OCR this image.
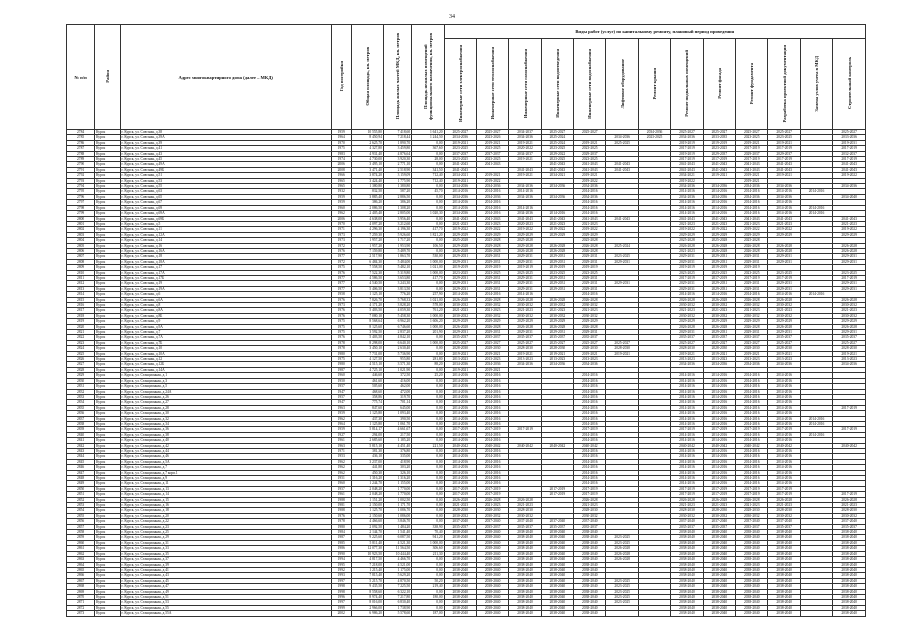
34
№ п/п	Район	Адрес многоквартирного дома (далее – МКД)	Год постройки	Общая площадь, кв. метров	Площадь жилых частей МКД, кв. метров	Площадь нежилых помещений функционального назначения, кв. метров	Виды работ (услуг) по капитальному ремонту, плановый период проведения												
							Инженерные сети электроснабжения	Инженерные сети теплоснабжения	Инженерные сети газоснабжения	Инженерные сети водоотведения	Инженерные сети водоснабжения	Лифтовое оборудование	Ремонт крыши	Ремонт подвальных помещений	Ремонт фасада	Ремонт фундамента	Разработка проектной документации	Замена узлов учета в МКД	Строительный контроль
2784	Курск	г. Курск, ул. Союзная, д.38	1959	10 555,80	7 418,60	1 641,20	2025-2027	2025-2027	2034-2037	2025-2027	2025-2027		2034-2036	2025-2027	2025-2027	2025-2027	2025-2027		2025-2027
2785	Курск	г. Курск, ул. Союзная, д.39А	1964	8 450,94	7 218,44	1 244,50	2034-2036	2023-2026	2034-2036	2025-2024		2034-2036	2023-2025	2034-2036	2033-2035	2023-2025	2023-2025		2033-2036
2786	Курск	г. Курск, ул. Союзная, д.39	1970	2 625,70	1 890,70	0,00	2019-2021	2019-2021	2019-2021	2025-2024	2019-2021	2025-2025		2019-2019	2019-2019	2019-2021	2019-2021		2019-2031
2787	Курск	г. Курск, ул. Союзная, д.41	1975	4 327,80	3 459,80	367,60	2023-2025	2023-2025	2020-2022	2023-2025	2023-2025			2017-2019	2023-2025	2017-2019	2017-2019		2017-2019
2788	Курск	г. Курск, ул. Союзная, д.43	1983	4 931,40	4 876,64	0,00	2037-2037	2037-2037	2034-2037	2029-2022	2029-2037			2019-2019	2029-2037	2029-2037	2029-2037		2032-2037
2789	Курск	г. Курск, ул. Союзная, д.45	1974	4 730,00	3 920,30	28,00	2023-2025	2023-2025	2019-2021	2023-2025	2023-2025			2017-2019	2017-2019	2017-2019	2017-2019		2017-2019
2790	Курск	г. Курск, ул. Союзная, д.49А	2006	3 495,10	2 771,10	0,00	2041-2043	2041-2043		2041-2043	2041-2043	2041-2043		2041-2043	2041-2043	2041-2043	2041-2043		2041-2043
2791	Курск	г. Курск, ул. Союзная, д.49Б	2008	3 471,40	2 518,90	341,50	2041-2043		2041-2043	2041-2043	2041-2043	2041-2043		2041-2043	2041-2043	2041-2043	2041-2043		2041-2043
2792	Курск	г. Курск, ул. Союзная, д.51	1966	3 874,20	3 159,09	712,40	2034-2021	2019-2021	2019-2021	2034-2021	2019-2021			2034-2021	2019-2021	2019-2021	2019-2021		2019-2022
2793	Курск	г. Курск, ул. Союзная, д.53	1965	3 424,40	1 775,90	712,40	2019-2021	2019-2022			2019-2022			2019-2022		2019-2021			
2794	Курск	г. Курск, ул. Союзная, д.55	1965	1 380,80	1 380,80	0,00	2034-2036	2034-2036	2034-2036	2034-2036	2034-2036			2034-2036	2034-2036	2034-2036	2034-2036		2034-2036
2795	Курск	г. Курск, ул. Союзная, д.63	1932	832,50	587,20	45,70	2014-2016	2014-2016	2014-2016		2014-2016			2014-2016	2014-2016	2014-2016	2014-2016	2014-2016	
2796	Курск	г. Курск, ул. Союзная, д.65	1959	3 885,40	2 886,50	0,00	2034-2036	2034-2036	2034-2036	2034-2036	2034-2036			2034-2036	2034-2036	2034-2036	2034-2036		2034-2040
2797	Курск	г. Курск, ул. Союзная, д.67	1959	386,20	386,20	0,00	2014-2016	2014-2016			2014-2016			2014-2016	2014-2016	2014-2016	2014-2016		
2798	Курск	г. Курск, ул. Союзная, д.69	1960	2 086,50	1 308,20	0,00	2014-2016	2014-2016	2014-2016		2014-2016			2014-2016	2014-2016	2014-2016	2014-2016	2014-2016	
2799	Курск	г. Курск, ул. Союзная, д.69А	1962	2 405,40	2 805,00	1 020,30	2034-2036	2014-2016	2034-2036	2014-2016	2014-2016			2014-2016	2014-2016	2014-2016	2014-2016	2014-2016	
2800	Курск	г. Курск, ул. Союзная, д.69Б	2006	4 638,00	3 956,40	0,00	2041-2043	2041-2043	2041-2043	2041-2043	2041-2043	2041-2043		2041-2043	2041-2043	2041-2043	2041-2043		2041-2043
2801	Курск	г. Курск, ул. Союзная, д.5	1970	4 097,20	3 212,60	0,00	2021-2023	2021-2023	2020-2023	2021-2023	2021-2023			2021-2023	2021-2023	2021-2023	2021-2023		2021-2023
2802	Курск	г. Курск, ул. Союзная, д.11	1971	4 296,30	4 196,30	417,70	2019-2022	2019-2022	2019-2022	2019-2022	2019-2022			2019-2022	2019-2022	2019-2022	2019-2022		2019-2022
2803	Курск	г. Курск, ул. Союзная, д.12А	1973	7 259,30	5 926,60	1 821,20	2029-2029	2029-2029	2029-2029	2029-2029	2029-2029			2029-2029	2029-2029	2029-2029	2029-2029		2029-2029
2804	Курск	г. Курск, ул. Союзная, д.14	1973	1 957,20	1 717,20	0,00	2025-2028	2025-2028	2025-2028		2025-2028			2025-2028	2025-2028	2025-2028			
2805	Курск	г. Курск, ул. Союзная, д.16	1972	1 957,20	1 953,90	106,50	2029-2028	2029-2028	2029-2028	2026-2028	2026-2028	2025-2024		2026-2028	2026-2028	2026-2028	2026-2028		2026-2028
2806	Курск	г. Курск, ул. Союзная, д.16А	1976	7 159,80	5 489,70	0,00	2026-2028	2026-2028	2026-2028	2026-2028	2026-2028			2021-2023	2026-2028	2026-2028	2026-2028		2026-2028
2807	Курск	г. Курск, ул. Союзная, д.18	1977	2 517,90	1 863,70	530,00	2029-2031	2029-2031	2029-2031	2029-2031	2029-2031	2023-2025		2029-2031	2029-2031	2029-2031	2029-2031		2029-2031
2808	Курск	г. Курск, ул. Союзная, д.18А	1972	6 484,30	5 484,00	1 000,00	2029-2031	2029-2031	2029-2031	2029-2031	2029-2031	2029-2031		2029-2031	2029-2031	2029-2031	2029-2031		2029-2031
2809	Курск	г. Курск, ул. Союзная, д.17	1975	7 558,50	5 482,10	1 021,00	2019-2019	2019-2019	2019-2019	2019-2019	2019-2019			2019-2019	2019-2019	2019-2019			
2810	Курск	г. Курск, ул. Союзная, д.17А	1976	7 522,30	5 319,80	1 000,00	2023-2025	2023-2025	2023-2025	2023-2025	2023-2025			2023-2025	2023-2025	2023-2025	2023-2025		2023-2025
2811	Курск	г. Курск, ул. Союзная, д.17Б	1977	4 586,50	3 653,80	417,70	2029-2031	2029-2031	2029-2031	2029-2031	2029-2031			2017-2019	2017-2019	2017-2019	2017-2019		2017-2019
2812	Курск	г. Курск, ул. Союзная, д.19	1977	4 540,50	3 243,30	0,00	2029-2031	2029-2031	2029-2031	2029-2031	2029-2031	2029-2031		2029-2031	2029-2031	2029-2031	2029-2031		2029-2031
2813	Курск	г. Курск, ул. Союзная, д.19А	1977	5 406,50	3 813,50	0,00	2029-2031	2029-2031	2029-2031	2029-2031	2029-2031			2029-2031	2029-2031	2029-2031	2029-2031		2029-2031
2814	Курск	г. Курск, ул. Союзная, д.6	1958	1 125,10	776,20	257,90	2014-2016	2014-2016	2014-2016		2014-2016			2014-2016	2014-2016	2014-2016	2014-2016	2014-2016	
2815	Курск	г. Курск, ул. Союзная, д.6А	1976	7 826,70	5 768,33	1 021,00	2026-2028	2026-2028	2026-2028	2026-2028	2026-2028			2026-2028	2026-2028	2026-2028	2026-2028		2026-2028
2816	Курск	г. Курск, ул. Союзная, д.8	1973	4 171,20	3 828,20	578,00	2030-2032	2030-2032	2030-2032	2030-2032	2030-2032			2030-2032	2030-2032	2030-2032	2030-2032		2030-2032
2817	Курск	г. Курск, ул. Союзная, д.8А	1976	5 403,50	4 059,30	761,20	2021-2023	2021-2023	2021-2023	2021-2023	2021-2023			2021-2023	2021-2023	2021-2023	2021-2023		2021-2023
2818	Курск	г. Курск, ул. Союзная, д.8Б	1976	7 080,10	5 458,30	1 000,00	2030-2032	2030-2032	2030-2032	2030-2032	2030-2032			2030-2032	2030-2032	2030-2032	2030-2032		2030-2032
2819	Курск	г. Курск, ул. Союзная, д.9	1975	8 568,64	6 962,20	1 606,20	2029-2029	2029-2029	2029-2029	2029-2029	2029-2029			2029-2029	2029-2029	2029-2029	2029-2029		2029-2029
2820	Курск	г. Курск, ул. Союзная, д.9А	1975	8 125,60	6 746,60	1 000,00	2026-2028	2026-2028	2026-2028	2026-2028	2026-2028			2026-2028	2026-2028	2026-2028	2026-2028		2026-2028
2821	Курск	г. Курск, ул. Союзная, д.7	1975	3 592,50	2 837,20	201,90	2029-2031	2029-2031	2029-2031	2029-2031	2029-2031			2029-2031	2029-2031	2029-2031	2029-2031		2029-2031
2822	Курск	г. Курск, ул. Союзная, д.7А	1976	5 403,50	4 842,10	0,00	2035-2037	2035-2037	2035-2037	2035-2037	2035-2037			2035-2037	2035-2037	2035-2037	2035-2037		2035-2037
2823	Курск	г. Курск, ул. Союзная, д.7Б	1978	8 298,00	6 640,10	1 000,00	2025-2027	2025-2027	2025-2027	2025-2027	2025-2027	2025-2027		2025-2027	2025-2027	2025-2027	2025-2027		2025-2027
2824	Курск	г. Курск, ул. Союзная, д.10	1978	3 450,10	2 630,40	0,00	2028-2030	2028-2030	2028-2030	2028-2030	2028-2030	2028-2030		2028-2030	2028-2030	2028-2030	2028-2030		2028-2030
2825	Курск	г. Курск, ул. Союзная, д.10А	1980	7 731,00	5 736,90	0,00	2019-2021	2019-2021	2019-2021	2019-2021	2019-2021	2019-2021		2019-2021	2019-2021	2019-2021	2019-2021		2019-2021
2826	Курск	г. Курск, ул. Союзная, д.12	1975	4 127,50	955,80	281,80	2013-2023	2013-2023	2013-2023	2013-2023	2013-2023			2013-2023	2013-2023	2013-2023	2013-2023		2013-2023
2827	Курск	г. Курск, ул. Союзная, д.12Б	1980	4 515,10	3 571,30	88,20	2034-2036	2034-2036	2034-2036	2034-2036	2034-2036			2034-2036	2034-2036	2034-2036	2034-2036		2034-2036
2828	Курск	г. Курск, ул. Союзная, д.14А	1987	4 725,10	1 021,90	0,00	2019-2021	2019-2021											
2829	Курск	г. Курск, ул. Станционная, д.1	1960	446,60	372,50	25,20	2014-2016	2014-2016			2014-2016			2014-2016	2014-2016	2014-2016	2014-2016		
2830	Курск	г. Курск, ул. Станционная, д.3	1950	461,60	416,00	0,00	2014-2016	2014-2016			2014-2016			2014-2016	2014-2016	2014-2016	2014-2016		
2831	Курск	г. Курск, ул. Станционная, д.5	1957	505,60	462,00	0,00	2014-2016	2014-2016			2014-2016			2014-2016	2014-2016	2014-2016	2014-2016		
2832	Курск	г. Курск, ул. Станционная, д.24А	1947	468,60	472,00	0,00	2014-2016	2014-2016			2014-2016			2014-2016	2014-2016	2014-2016	2014-2016		
2833	Курск	г. Курск, ул. Станционная, д.26	1957	358,86	319,70	0,00	2014-2016	2014-2016			2014-2016			2014-2016	2014-2016	2014-2016	2014-2016		
2834	Курск	г. Курск, ул. Станционная, д.27	1947	775,74	701,14	0,00	2014-2016	2014-2016			2014-2016			2014-2016	2014-2016	2014-2016	2014-2016		
2835	Курск	г. Курск, ул. Станционная, д.28	1963	847,60	645,00	0,00	2014-2016	2014-2016			2014-2016			2014-2016	2014-2016	2014-2016	2014-2016		2017-2019
2836	Курск	г. Курск, ул. Станционная, д.30	1959	1 125,80	1 093,40	0,00	2014-2016	2014-2016			2014-2016			2014-2016	2014-2016	2014-2016	2014-2016		
2837	Курск	г. Курск, ул. Станционная, д.32	1962	437,30	390,50	0,00	2014-2016	2014-2016			2014-2016			2014-2016	2014-2016	2014-2016	2014-2016	2014-2016	
2838	Курск	г. Курск, ул. Станционная, д.34	1964	1 125,80	1 061,70	0,00	2014-2016	2014-2016			2014-2016			2014-2016	2014-2016	2014-2016	2014-2016	2014-2016	
2839	Курск	г. Курск, ул. Станционная, д.36	1959	5 814,17	4 661,67	0,00	2017-2019	2017-2019	2017-2019		2017-2019			2017-2019	2017-2019	2017-2019	2017-2019		2017-2019
2840	Курск	г. Курск, ул. Станционная, д.38	1927	294,00	217,50	0,00	2014-2016	2014-2016			2014-2016			2014-2016	2014-2016	2014-2016	2014-2016	2014-2016	
2841	Курск	г. Курск, ул. Станционная, д.40	1961	2 685,60	1 185,20	0,00	2014-2016	2014-2016			2014-2016			2014-2016	2014-2016	2014-2016	2014-2016		
2842	Курск	г. Курск, ул. Станционная, д.42	1963	5 815,10	4 451,40	221,50	2040-2042	2040-2042	2040-2042	2040-2042	2040-2042			2040-2042	2040-2042	2040-2042	2040-2042		2040-2042
2843	Курск	г. Курск, ул. Станционная, д.44	1971	381,30	376,80	0,00	2014-2016	2014-2016			2014-2016			2014-2016	2014-2016	2014-2016	2014-2016		
2844	Курск	г. Курск, ул. Станционная, д.46	1953	436,10	335,00	0,00	2014-2016	2014-2016			2014-2016			2014-2016	2014-2016	2014-2016	2014-2016		
2845	Курск	г. Курск, ул. Станционная, д.5А	1962	3 237,00	418,90	0,00	2014-2016	2014-2016			2014-2016			2014-2016	2014-2016	2014-2016	2014-2016		
2846	Курск	г. Курск, ул. Станционная, д.7	1962	441,80	303,20	0,00	2014-2016	2014-2016			2014-2016			2014-2016	2014-2016	2014-2016	2014-2016		
2847	Курск	г. Курск, ул. Станционная, д.7 корп.1	1962	450,30	326,10	0,00	2014-2016	2014-2016			2014-2016			2014-2016	2014-2016	2014-2016	2014-2016		
2848	Курск	г. Курск, ул. Станционная, д.9	1951	1 316,20	1 316,20	0,00	2014-2016	2014-2016			2014-2016			2014-2016	2014-2016	2014-2016	2014-2016		
2849	Курск	г. Курск, ул. Станционная, д.11	1960	1 244,70	1 155,00	0,00	2014-2016	2014-2016			2014-2016			2014-2016	2014-2016	2014-2016	2014-2016		
2850	Курск	г. Курск, ул. Станционная, д.13	1957	2 048,20	1 770,00	0,00	2017-2019	2017-2019		2017-2019	2017-2019			2017-2019	2017-2019	2017-2019	2017-2019		
2851	Курск	г. Курск, ул. Станционная, д.14	1961	2 048,20	1 770,00	0,00	2017-2019	2017-2019		2017-2019	2017-2019			2017-2019	2017-2019	2017-2019	2017-2019		2017-2019
2852	Курск	г. Курск, ул. Станционная, д.15	1988	1 151,20	1 002,50	0,00	2026-2028	2026-2028	2026-2028		2026-2028			2026-2028	2026-2028	2026-2028	2026-2028		2026-2028
2853	Курск	г. Курск, ул. Станционная, д.16	1981	2 150,00	1 171,70	0,00	2021-2023	2021-2023	2021-2023		2021-2023			2021-2023	2021-2023	2021-2023	2021-2023		2021-2023
2854	Курск	г. Курск, ул. Станционная, д.18	1988	1 125,70	1 086,70	0,00	2028-2030	2028-2030	2028-2030		2028-2030			2028-2030	2028-2030	2028-2030	2028-2030		2028-2030
2855	Курск	г. Курск, ул. Станционная, д.20	1976	2 150,60	1 086,00	0,00	2030-2032	2030-2032	2030-2032		2030-2032			2030-2032	2030-2032	2030-2032	2030-2032		2030-2032
2856	Курск	г. Курск, ул. Станционная, д.22	1978	4 466,60	3 846,70	0,00	2037-2040	2037-2040	2037-2040	2037-2040	2037-2040			2037-2040	2037-2040	2037-2040	2037-2040		2037-2040
2857	Курск	г. Курск, ул. Станционная, д.23	1980	2 092,50	1 484,20	338,90	2035-2037	2035-2037	2035-2037	2035-2037	2035-2037			2035-2037	2035-2037	2035-2037	2035-2037		2035-2037
2858	Курск	г. Курск, ул. Станционная, д.25	1984	2 144,70	1 541,40	70,40	2038-2040	2038-2040	2038-2040	2038-2040	2038-2040			2038-2040	2038-2040	2038-2040	2038-2040		2038-2040
2859	Курск	г. Курск, ул. Станционная, д.29	1987	9 225,60	6 087,50	941,20	2038-2040	2038-2040	2038-2040	2038-2040	2038-2040	2023-2025		2038-2040	2038-2040	2038-2040	2038-2040		2038-2040
2860	Курск	г. Курск, ул. Станционная, д.31	1985	5 811,40	4 521,30	1 000,00	2038-2040	2038-2040	2038-2040	2038-2040	2038-2040	2023-2025		2038-2040	2038-2040	2038-2040	2038-2040		2038-2040
2861	Курск	г. Курск, ул. Станционная, д.33	1986	12 077,30	11 564,50	306,60	2038-2040	2038-2040	2038-2040	2038-2040	2038-2040	2026-2028		2038-2040	2038-2040	2038-2040	2038-2040		2038-2040
2862	Курск	г. Курск, ул. Станционная, д.35	1990	10 923,50	10 444,40	211,30	2038-2040	2038-2040	2038-2040	2038-2040	2038-2040	2026-2028		2038-2040	2038-2040	2038-2040	2038-2040		2038-2040
2863	Курск	г. Курск, ул. Станционная, д.37	1994	4 817,50	4 466,70	0,00	2038-2040	2038-2040	2038-2040	2038-2040	2038-2040	2026-2028		2038-2040	2038-2040	2038-2040	2038-2040		2038-2040
2864	Курск	г. Курск, ул. Станционная, д.39	1995	7 218,00	4 521,00	0,00	2038-2040	2038-2040	2038-2040	2038-2040	2038-2040			2038-2040	2038-2040	2038-2040	2038-2040		2038-2040
2865	Курск	г. Курск, ул. Станционная, д.41	1992	1 215,40	1 175,00	0,00	2038-2040	2038-2040	2038-2040	2038-2040	2038-2040			2038-2040	2038-2040	2038-2040	2038-2040		2038-2040
2866	Курск	г. Курск, ул. Станционная, д.43	1993	7 815,40	5 629,20	0,00	2038-2040	2038-2040	2038-2040	2038-2040	2038-2040			2038-2040	2038-2040	2038-2040	2038-2040		2038-2040
2867	Курск	г. Курск, ул. Станционная, д.45	1997	5 215,70	4 870,50	50,20	2038-2040	2038-2040	2038-2040	2038-2040	2038-2040	2023-2025		2038-2040	2038-2040	2038-2040	2038-2040		2038-2040
2868	Курск	г. Курск, ул. Станционная, д.47	1998	9 435,50	7 225,50	219,40	2038-2040	2038-2040	2038-2040	2038-2040	2038-2040	2023-2025		2038-2040	2038-2040	2038-2040	2038-2040		2038-2040
2869	Курск	г. Курск, ул. Станционная, д.49	1998	8 558,60	6 322,10	0,00	2038-2040	2038-2040	2038-2040	2038-2040	2038-2040	2023-2025		2038-2040	2038-2040	2038-2040	2038-2040		2038-2040
2870	Курск	г. Курск, ул. Станционная, д.51	1996	8 974,40	7 217,80	180,00	2038-2040	2038-2040	2038-2040	2038-2040	2038-2040	2023-2025		2038-2040	2038-2040	2038-2040	2038-2040		2038-2040
2871	Курск	г. Курск, ул. Станционная, д.53	1997	8 016,00	6 830,40	0,00	2038-2040	2038-2040	2038-2040	2038-2040	2038-2040	2023-2025		2038-2040	2038-2040	2038-2040	2038-2040		2038-2040
2872	Курск	г. Курск, ул. Станционная, д.55	1999	2 966,00	1 738,90	0,00	2038-2040	2038-2040	2038-2040	2038-2040	2038-2040			2038-2040	2038-2040	2038-2040	2038-2040		2038-2040
2873	Курск	г. Курск, ул. Станционная, д.55А	2002	6 986,20	5 578,60	187,00	2038-2040	2038-2040	2038-2040	2038-2040	2038-2040			2038-2040	2038-2040	2038-2040	2038-2040		2038-2040
